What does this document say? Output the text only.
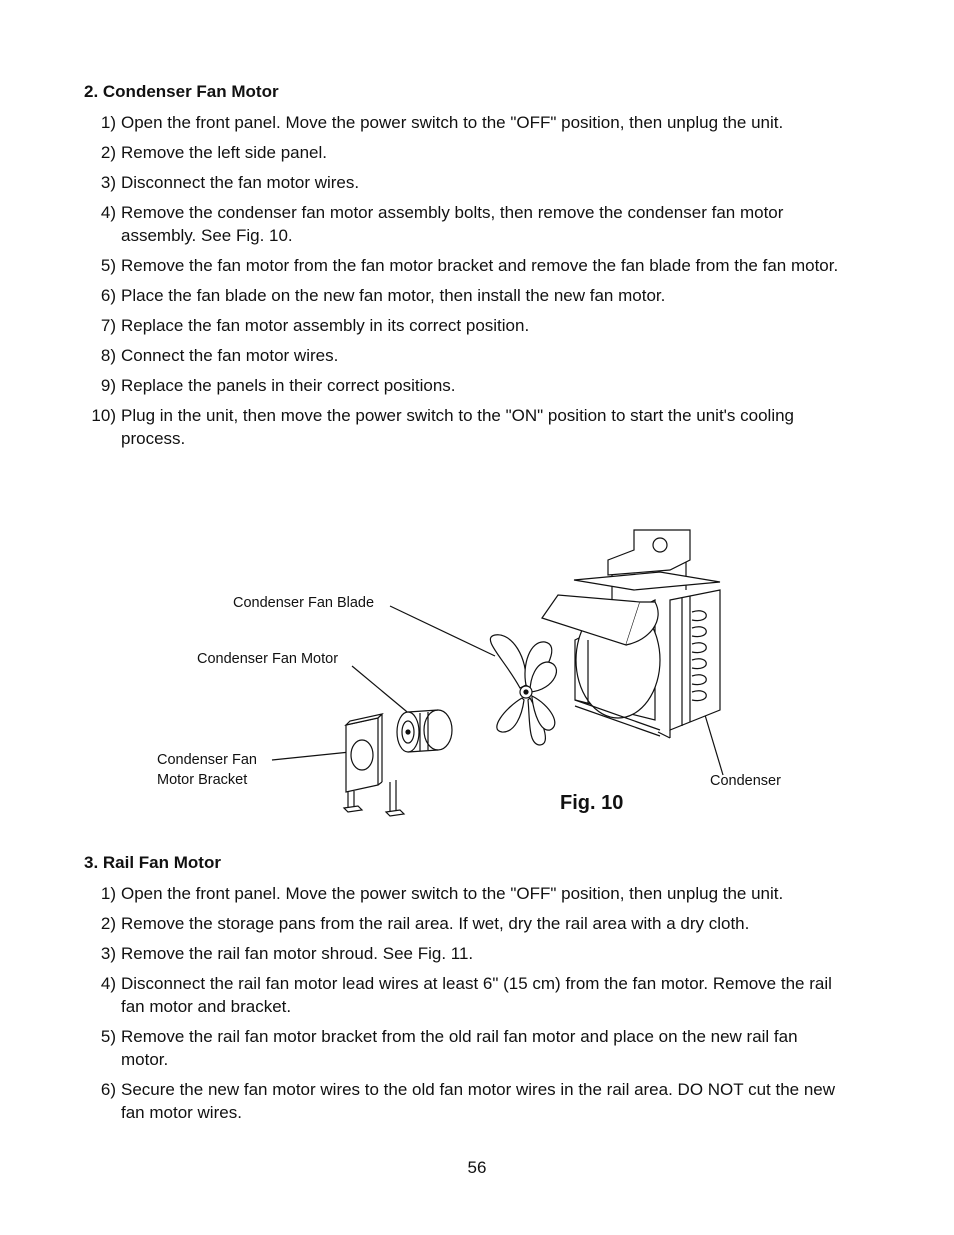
2. Condenser Fan Motor
1) Open the front panel. Move the power switch to the "OFF" position, then unplug the unit.
2) Remove the left side panel.
3) Disconnect the fan motor wires.
4) Remove the condenser fan motor assembly bolts, then remove the condenser fan motor assembly. See Fig. 10.
5) Remove the fan motor from the fan motor bracket and remove the fan blade from the fan motor.
6) Place the fan blade on the new fan motor, then install the new fan motor.
7) Replace the fan motor assembly in its correct position.
8) Connect the fan motor wires.
9) Replace the panels in their correct positions.
10) Plug in the unit, then move the power switch to the "ON" position to start the unit's cooling process.
Condenser Fan Blade
Condenser Fan Motor
Condenser Fan
Motor Bracket	Condenser
Fig. 10
3. Rail Fan Motor
1) Open the front panel. Move the power switch to the "OFF" position, then unplug the unit.
2) Remove the storage pans from the rail area. If wet, dry the rail area with a dry cloth.
3) Remove the rail fan motor shroud. See Fig. 11.
4) Disconnect the rail fan motor lead wires at least 6" (15 cm) from the fan motor. Remove the rail fan motor and bracket.
5) Remove the rail fan motor bracket from the old rail fan motor and place on the new rail fan motor.
6) Secure the new fan motor wires to the old fan motor wires in the rail area. DO NOT cut the new fan motor wires.
56
